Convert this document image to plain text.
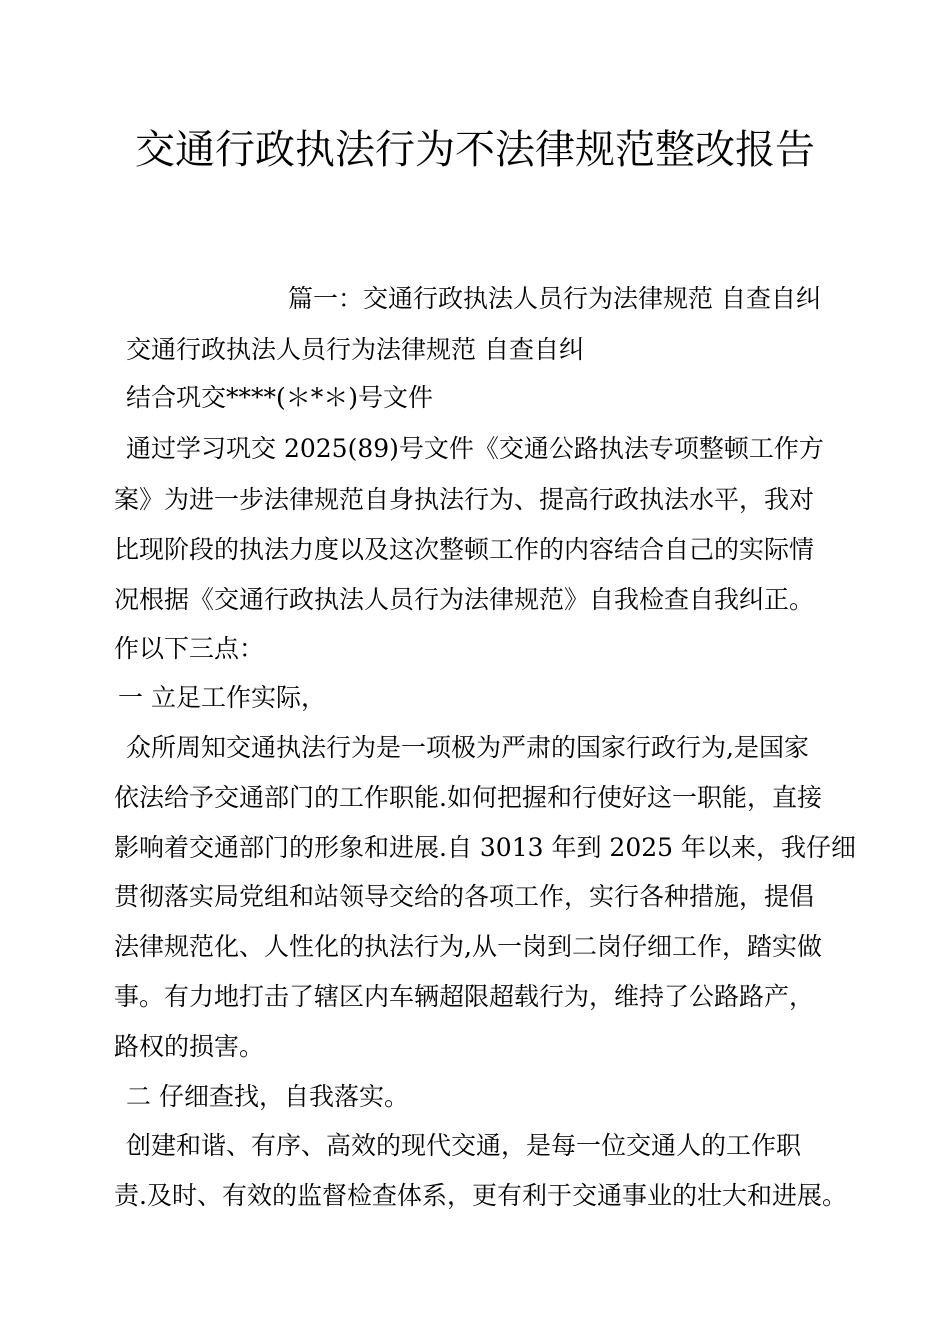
交通行政执法行为不法律规范整改报告
篇一：交通行政执法人员行为法律规范 自查自纠
交通行政执法人员行为法律规范 自查自纠
结合巩交****(＊*＊)号文件
通过学习巩交 2025(89)号文件《交通公路执法专项整顿工作方
案》为进一步法律规范自身执法行为、提高行政执法水平，我对
比现阶段的执法力度以及这次整顿工作的内容结合自己的实际情
况根据《交通行政执法人员行为法律规范》自我检查自我纠正。
作以下三点：
一 立足工作实际，
众所周知交通执法行为是一项极为严肃的国家行政行为,是国家
依法给予交通部门的工作职能.如何把握和行使好这一职能，直接
影响着交通部门的形象和进展.自 3013 年到 2025 年以来，我仔细
贯彻落实局党组和站领导交给的各项工作，实行各种措施，提倡
法律规范化、人性化的执法行为,从一岗到二岗仔细工作，踏实做
事。有力地打击了辖区内车辆超限超载行为，维持了公路路产，
路权的损害。
二 仔细查找，自我落实。
创建和谐、有序、高效的现代交通，是每一位交通人的工作职
责.及时、有效的监督检查体系，更有利于交通事业的壮大和进展。
